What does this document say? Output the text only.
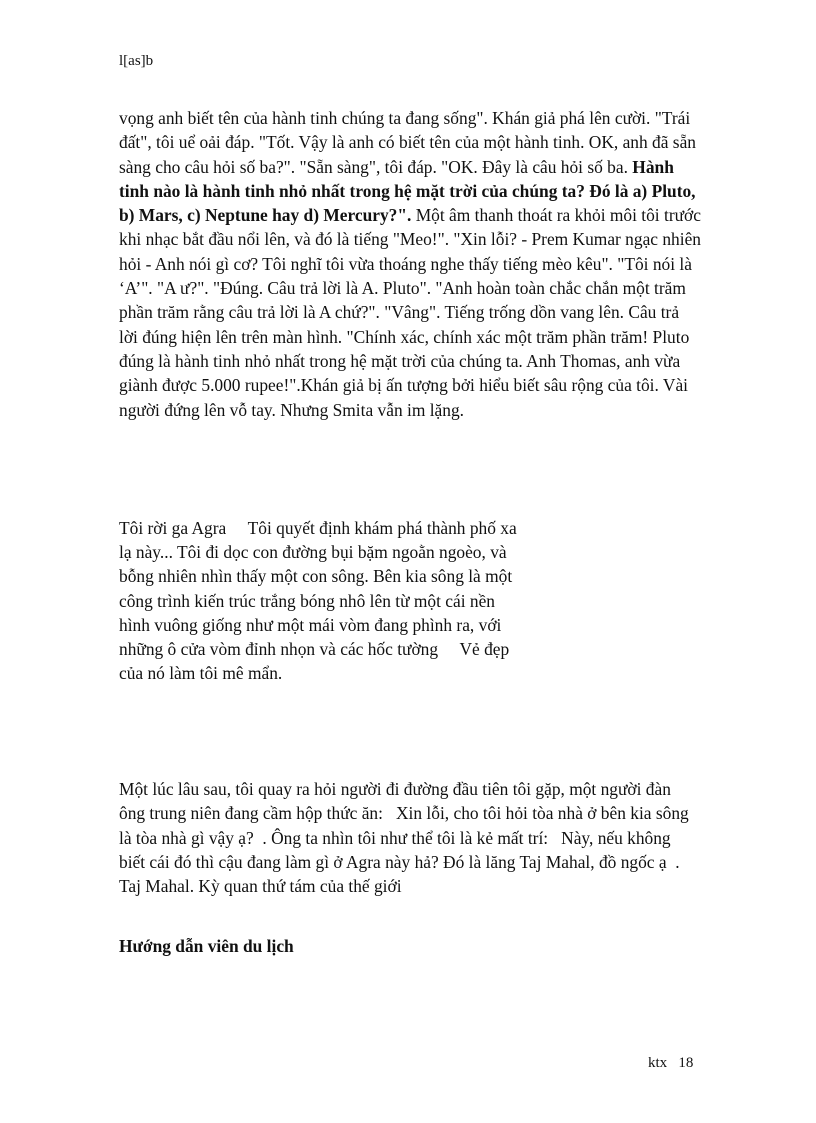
l[as]b

vọng anh biết tên của hành tinh chúng ta đang sống". Khán giả phá lên cười. "Trái đất", tôi uể oải đáp. "Tốt. Vậy là anh có biết tên của một hành tinh. OK, anh đã sẵn sàng cho câu hỏi số ba?". "Sẵn sàng", tôi đáp. "OK. Đây là câu hỏi số ba. Hành tinh nào là hành tinh nhỏ nhất trong hệ mặt trời của chúng ta? Đó là a) Pluto, b) Mars, c) Neptune hay d) Mercury?". Một âm thanh thoát ra khỏi môi tôi trước khi nhạc bắt đầu nổi lên, và đó là tiếng "Meo!". "Xin lỗi? - Prem Kumar ngạc nhiên hỏi - Anh nói gì cơ? Tôi nghĩ tôi vừa thoáng nghe thấy tiếng mèo kêu". "Tôi nói là ‘A’". "A ư?". "Đúng. Câu trả lời là A. Pluto". "Anh hoàn toàn chắc chắn một trăm phần trăm rằng câu trả lời là A chứ?". "Vâng". Tiếng trống dồn vang lên. Câu trả lời đúng hiện lên trên màn hình. "Chính xác, chính xác một trăm phần trăm! Pluto đúng là hành tinh nhỏ nhất trong hệ mặt trời của chúng ta. Anh Thomas, anh vừa giành được 5.000 rupee!".Khán giả bị ấn tượng bởi hiểu biết sâu rộng của tôi. Vài người đứng lên vỗ tay. Nhưng Smita vẫn im lặng.

Tôi rời ga Agra Tôi quyết định khám phá thành phố xa lạ này... Tôi đi dọc con đường bụi bặm ngoằn ngoèo, và bỗng nhiên nhìn thấy một con sông. Bên kia sông là một công trình kiến trúc trắng bóng nhô lên từ một cái nền hình vuông giống như một mái vòm đang phình ra, với những ô cửa vòm đỉnh nhọn và các hốc tường Vẻ đẹp của nó làm tôi mê mẩn.

Một lúc lâu sau, tôi quay ra hỏi người đi đường đầu tiên tôi gặp, một người đàn ông trung niên đang cầm hộp thức ăn:   Xin lỗi, cho tôi hỏi tòa nhà ở bên kia sông là tòa nhà gì vậy ạ?  . Ông ta nhìn tôi như thể tôi là kẻ mất trí:   Này, nếu không biết cái đó thì cậu đang làm gì ở Agra này hả? Đó là lăng Taj Mahal, đồ ngốc ạ  . Taj Mahal. Kỳ quan thứ tám của thế giới

Hướng dẫn viên du lịch
ktx 18
